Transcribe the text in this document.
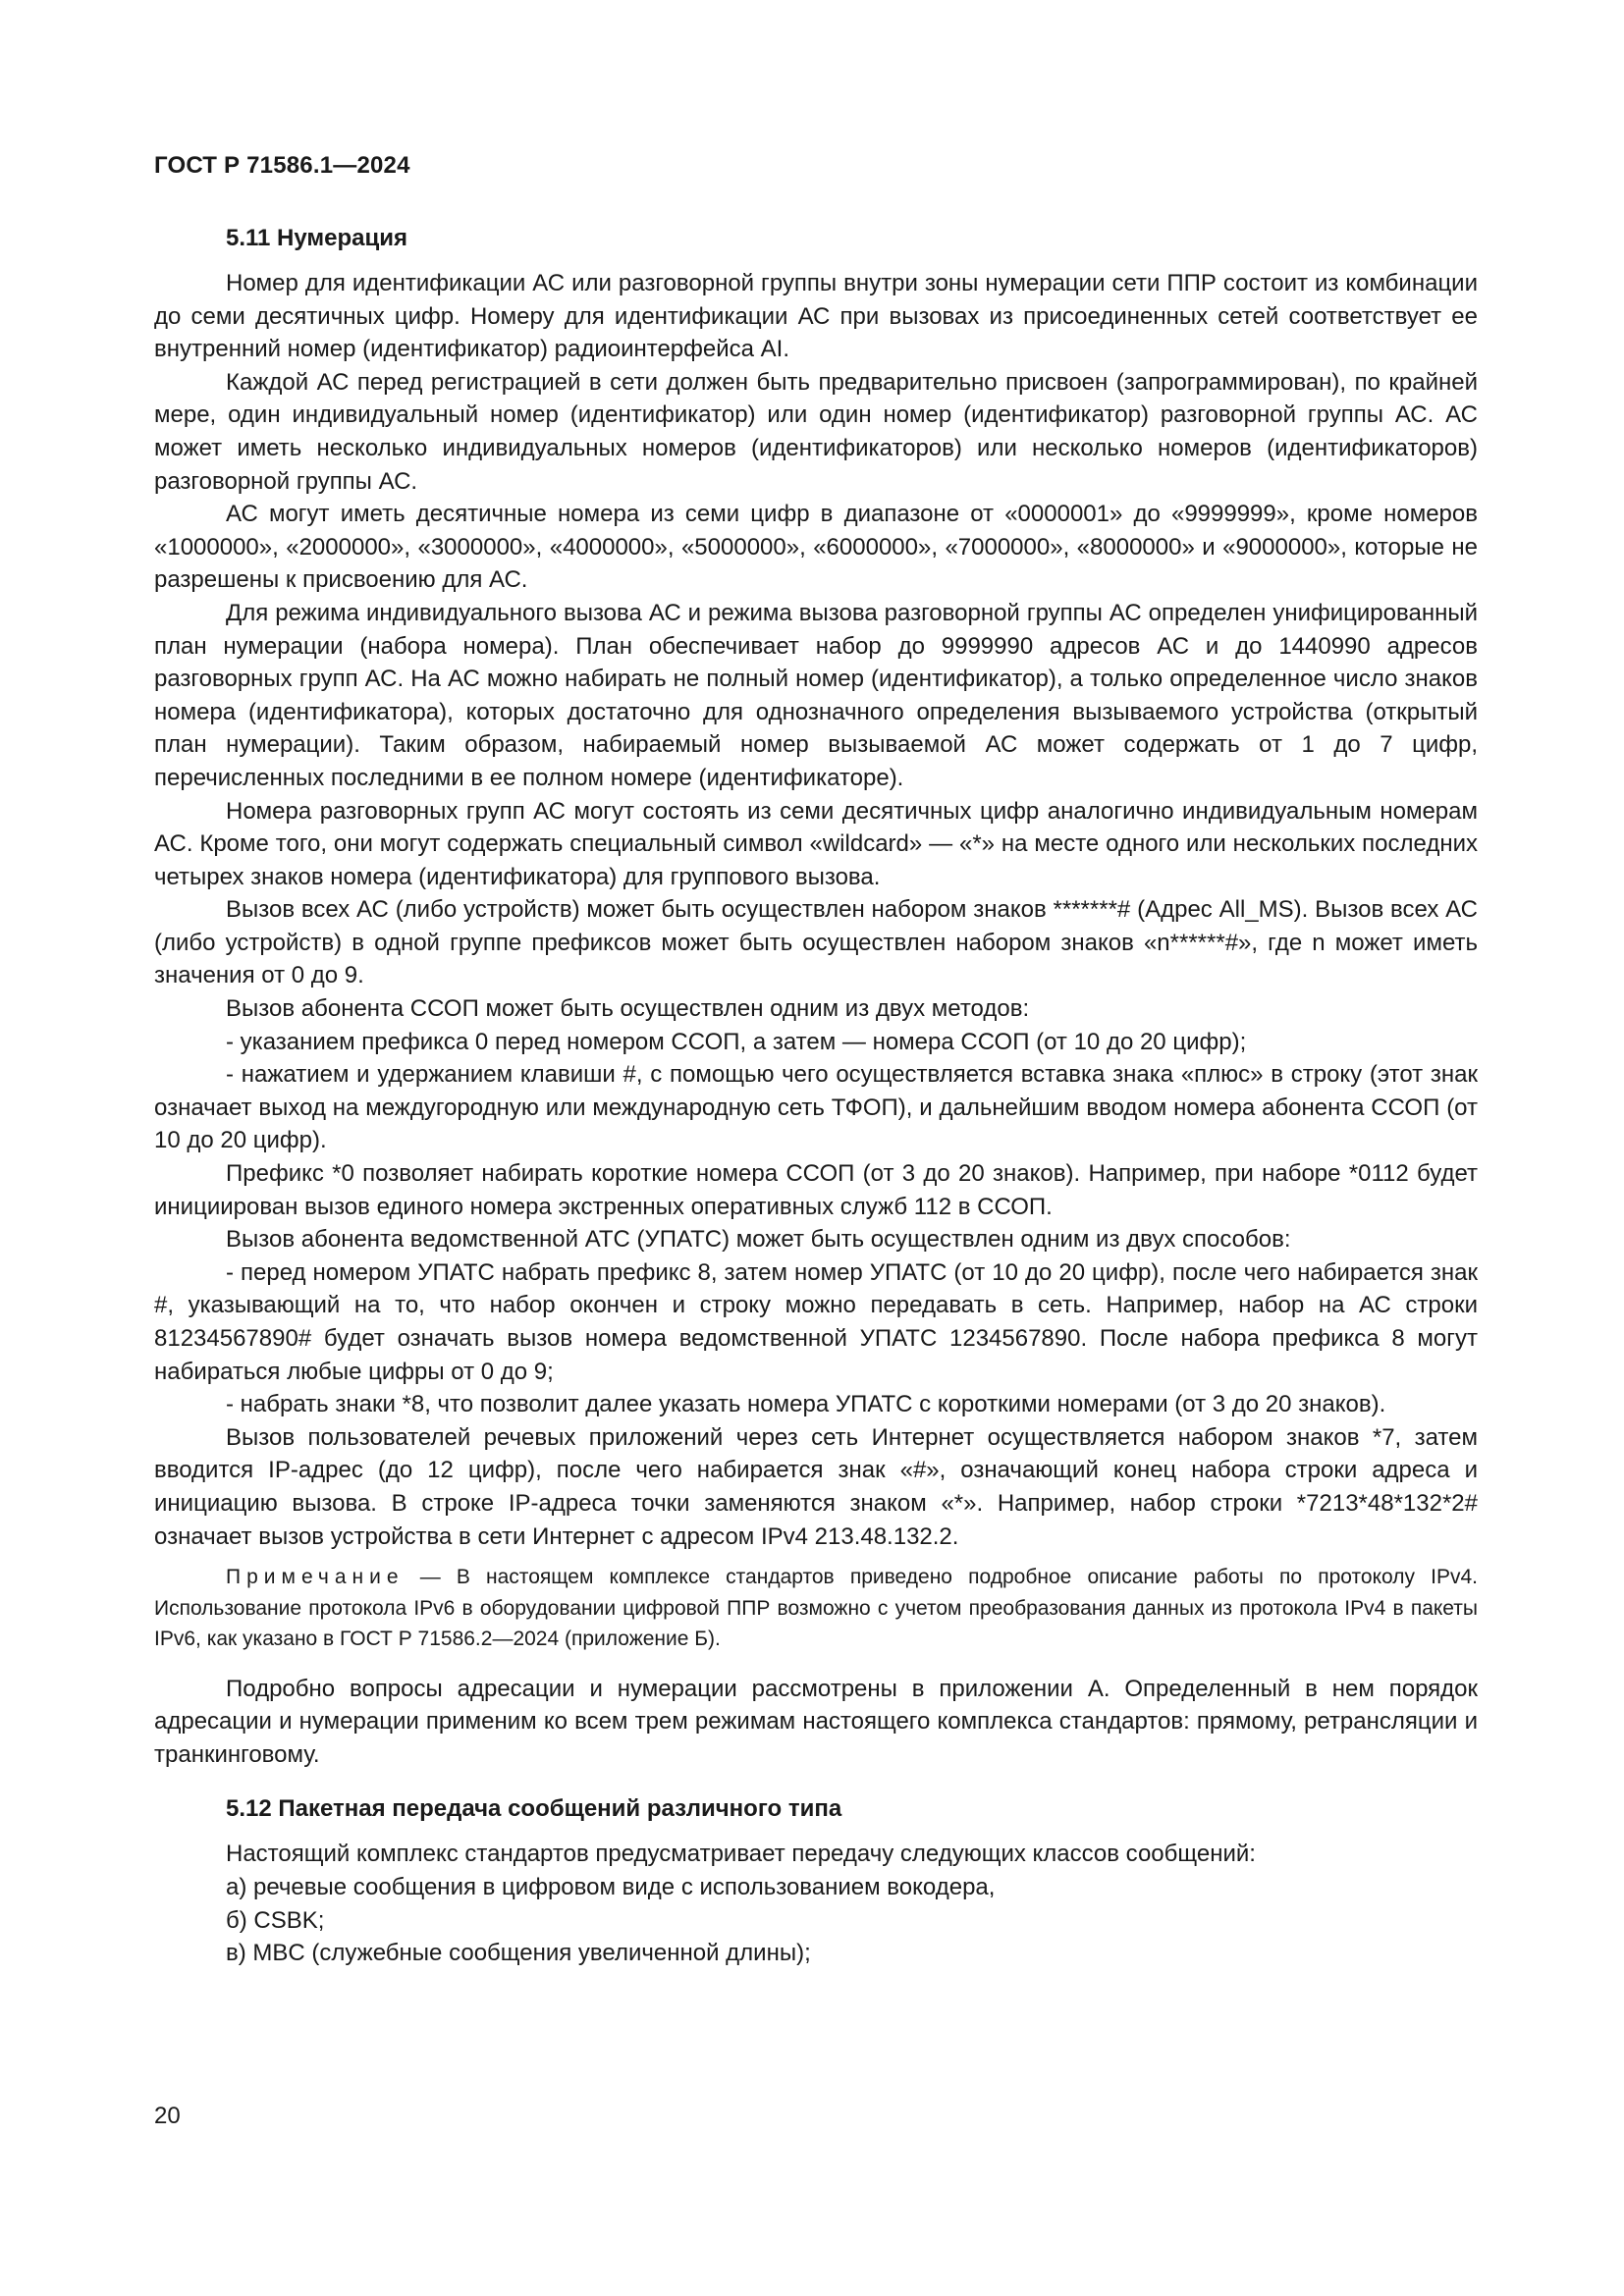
ГОСТ Р 71586.1—2024
5.11 Нумерация

Номер для идентификации АС или разговорной группы внутри зоны нумерации сети ППР состоит из комбинации до семи десятичных цифр. Номеру для идентификации АС при вызовах из присоединенных сетей соответствует ее внутренний номер (идентификатор) радиоинтерфейса AI.

Каждой АС перед регистрацией в сети должен быть предварительно присвоен (запрограммирован), по крайней мере, один индивидуальный номер (идентификатор) или один номер (идентификатор) разговорной группы АС. АС может иметь несколько индивидуальных номеров (идентификаторов) или несколько номеров (идентификаторов) разговорной группы АС.

АС могут иметь десятичные номера из семи цифр в диапазоне от «0000001» до «9999999», кроме номеров «1000000», «2000000», «3000000», «4000000», «5000000», «6000000», «7000000», «8000000» и «9000000», которые не разрешены к присвоению для АС.

Для режима индивидуального вызова АС и режима вызова разговорной группы АС определен унифицированный план нумерации (набора номера). План обеспечивает набор до 9999990 адресов АС и до 1440990 адресов разговорных групп АС. На АС можно набирать не полный номер (идентификатор), а только определенное число знаков номера (идентификатора), которых достаточно для однозначного определения вызываемого устройства (открытый план нумерации). Таким образом, набираемый номер вызываемой АС может содержать от 1 до 7 цифр, перечисленных последними в ее полном номере (идентификаторе).

Номера разговорных групп АС могут состоять из семи десятичных цифр аналогично индивидуальным номерам АС. Кроме того, они могут содержать специальный символ «wildcard» — «*» на месте одного или нескольких последних четырех знаков номера (идентификатора) для группового вызова.

Вызов всех АС (либо устройств) может быть осуществлен набором знаков *******# (Адрес All_MS). Вызов всех АС (либо устройств) в одной группе префиксов может быть осуществлен набором знаков «n******#», где n может иметь значения от 0 до 9.

Вызов абонента ССОП может быть осуществлен одним из двух методов:

- указанием префикса 0 перед номером ССОП, а затем — номера ССОП (от 10 до 20 цифр);

- нажатием и удержанием клавиши #, с помощью чего осуществляется вставка знака «плюс» в строку (этот знак означает выход на междугородную или международную сеть ТФОП), и дальнейшим вводом номера абонента ССОП (от 10 до 20 цифр).

Префикс *0 позволяет набирать короткие номера ССОП (от 3 до 20 знаков). Например, при наборе *0112 будет инициирован вызов единого номера экстренных оперативных служб 112 в ССОП.

Вызов абонента ведомственной АТС (УПАТС) может быть осуществлен одним из двух способов:

- перед номером УПАТС набрать префикс 8, затем номер УПАТС (от 10 до 20 цифр), после чего набирается знак #, указывающий на то, что набор окончен и строку можно передавать в сеть. Например, набор на АС строки 81234567890# будет означать вызов номера ведомственной УПАТС 1234567890. После набора префикса 8 могут набираться любые цифры от 0 до 9;

- набрать знаки *8, что позволит далее указать номера УПАТС с короткими номерами (от 3 до 20 знаков).

Вызов пользователей речевых приложений через сеть Интернет осуществляется набором знаков *7, затем вводится IP-адрес (до 12 цифр), после чего набирается знак «#», означающий конец набора строки адреса и инициацию вызова. В строке IP-адреса точки заменяются знаком «*». Например, набор строки *7213*48*132*2# означает вызов устройства в сети Интернет с адресом IPv4 213.48.132.2.

Примечание — В настоящем комплексе стандартов приведено подробное описание работы по протоколу IPv4. Использование протокола IPv6 в оборудовании цифровой ППР возможно с учетом преобразования данных из протокола IPv4 в пакеты IPv6, как указано в ГОСТ Р 71586.2—2024 (приложение Б).

Подробно вопросы адресации и нумерации рассмотрены в приложении А. Определенный в нем порядок адресации и нумерации применим ко всем трем режимам настоящего комплекса стандартов: прямому, ретрансляции и транкинговому.

5.12 Пакетная передача сообщений различного типа

Настоящий комплекс стандартов предусматривает передачу следующих классов сообщений:

а) речевые сообщения в цифровом виде с использованием вокодера,

б) CSBK;

в) MBC (служебные сообщения увеличенной длины);

20
